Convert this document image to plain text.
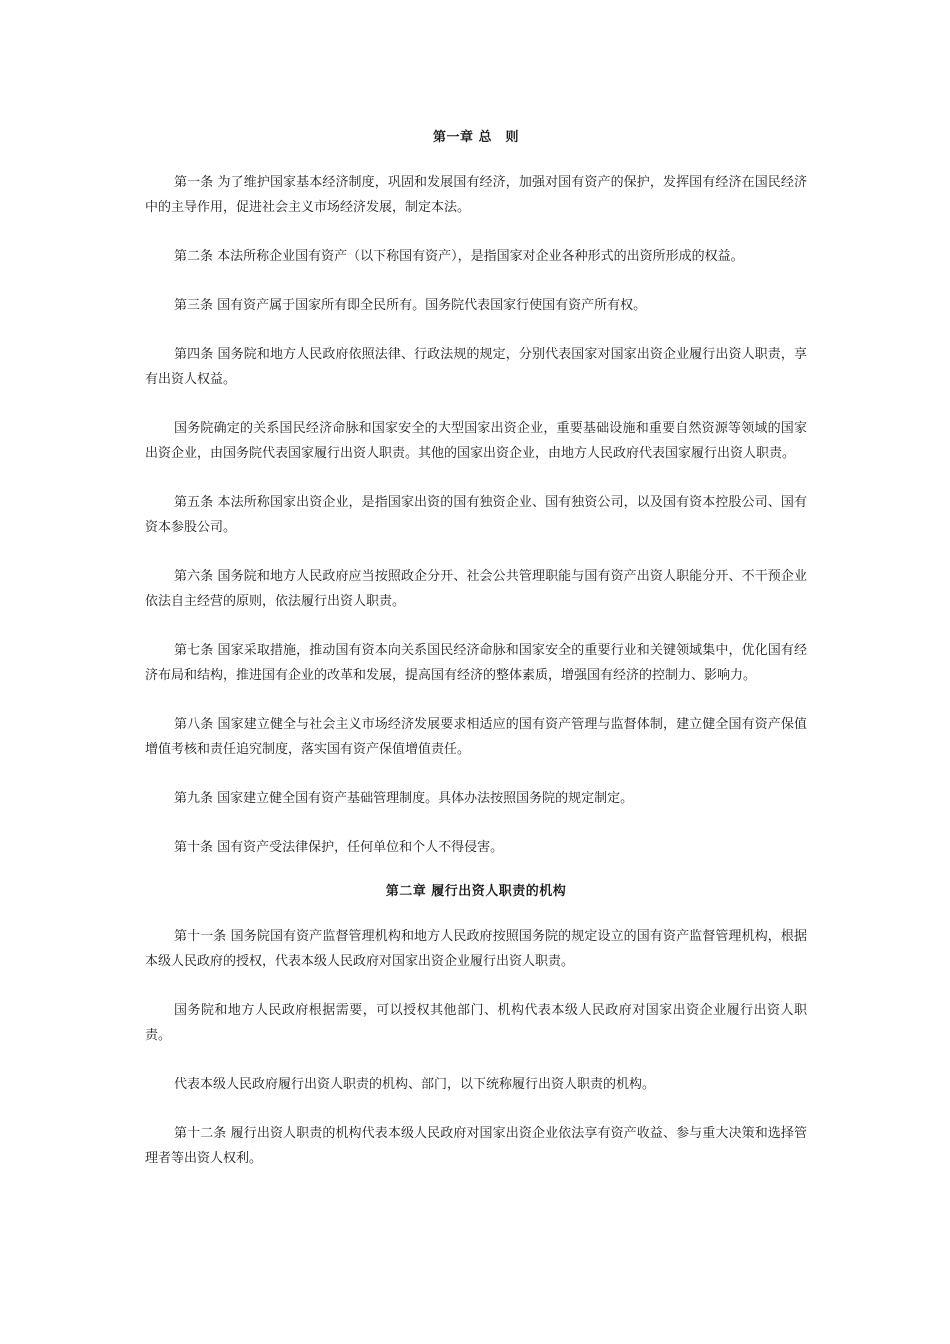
第一章 总　则

第一条 为了维护国家基本经济制度，巩固和发展国有经济，加强对国有资产的保护，发挥国有经济在国民经济中的主导作用，促进社会主义市场经济发展，制定本法。

第二条 本法所称企业国有资产（以下称国有资产），是指国家对企业各种形式的出资所形成的权益。

第三条 国有资产属于国家所有即全民所有。国务院代表国家行使国有资产所有权。

第四条 国务院和地方人民政府依照法律、行政法规的规定，分别代表国家对国家出资企业履行出资人职责，享有出资人权益。

国务院确定的关系国民经济命脉和国家安全的大型国家出资企业，重要基础设施和重要自然资源等领域的国家出资企业，由国务院代表国家履行出资人职责。其他的国家出资企业，由地方人民政府代表国家履行出资人职责。

第五条 本法所称国家出资企业，是指国家出资的国有独资企业、国有独资公司，以及国有资本控股公司、国有资本参股公司。

第六条 国务院和地方人民政府应当按照政企分开、社会公共管理职能与国有资产出资人职能分开、不干预企业依法自主经营的原则，依法履行出资人职责。

第七条 国家采取措施，推动国有资本向关系国民经济命脉和国家安全的重要行业和关键领域集中，优化国有经济布局和结构，推进国有企业的改革和发展，提高国有经济的整体素质，增强国有经济的控制力、影响力。

第八条 国家建立健全与社会主义市场经济发展要求相适应的国有资产管理与监督体制，建立健全国有资产保值增值考核和责任追究制度，落实国有资产保值增值责任。

第九条 国家建立健全国有资产基础管理制度。具体办法按照国务院的规定制定。

第十条 国有资产受法律保护，任何单位和个人不得侵害。

第二章 履行出资人职责的机构

第十一条 国务院国有资产监督管理机构和地方人民政府按照国务院的规定设立的国有资产监督管理机构，根据本级人民政府的授权，代表本级人民政府对国家出资企业履行出资人职责。

国务院和地方人民政府根据需要，可以授权其他部门、机构代表本级人民政府对国家出资企业履行出资人职责。

代表本级人民政府履行出资人职责的机构、部门，以下统称履行出资人职责的机构。

第十二条 履行出资人职责的机构代表本级人民政府对国家出资企业依法享有资产收益、参与重大决策和选择管理者等出资人权利。
